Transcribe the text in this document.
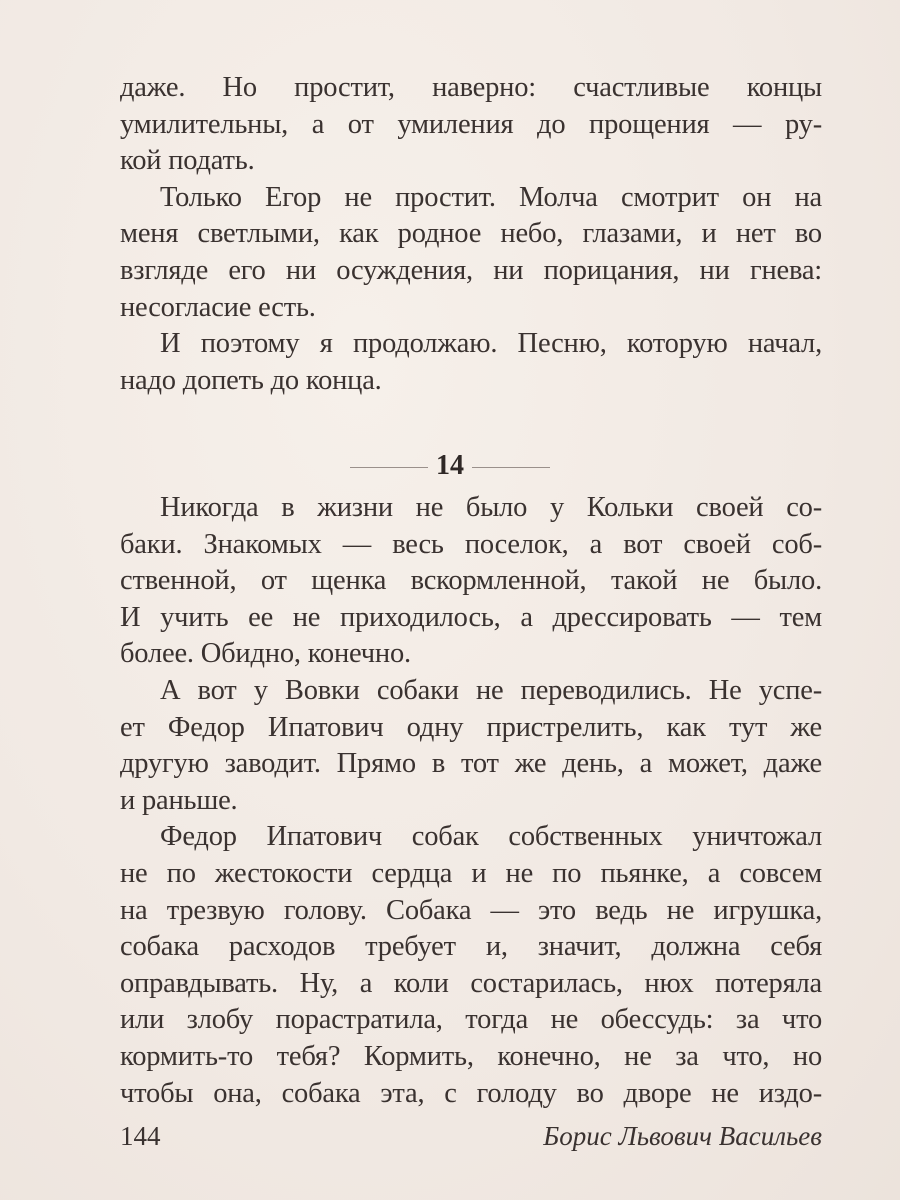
даже. Но простит, наверно: счастливые концы
умилительны, а от умиления до прощения — ру-
кой подать.
Только Егор не простит. Молча смотрит он на
меня светлыми, как родное небо, глазами, и нет во
взгляде его ни осуждения, ни порицания, ни гнева:
несогласие есть.
И поэтому я продолжаю. Песню, которую начал,
надо допеть до конца.
14
Никогда в жизни не было у Кольки своей со-
баки. Знакомых — весь поселок, а вот своей соб-
ственной, от щенка вскормленной, такой не было.
И учить ее не приходилось, а дрессировать — тем
более. Обидно, конечно.
А вот у Вовки собаки не переводились. Не успе-
ет Федор Ипатович одну пристрелить, как тут же
другую заводит. Прямо в тот же день, а может, даже
и раньше.
Федор Ипатович собак собственных уничтожал
не по жестокости сердца и не по пьянке, а совсем
на трезвую голову. Собака — это ведь не игрушка,
собака расходов требует и, значит, должна себя
оправдывать. Ну, а коли состарилась, нюх потеряла
или злобу порастратила, тогда не обессудь: за что
кормить-то тебя? Кормить, конечно, не за что, но
чтобы она, собака эта, с голоду во дворе не издо-
144	Борис Львович Васильев
